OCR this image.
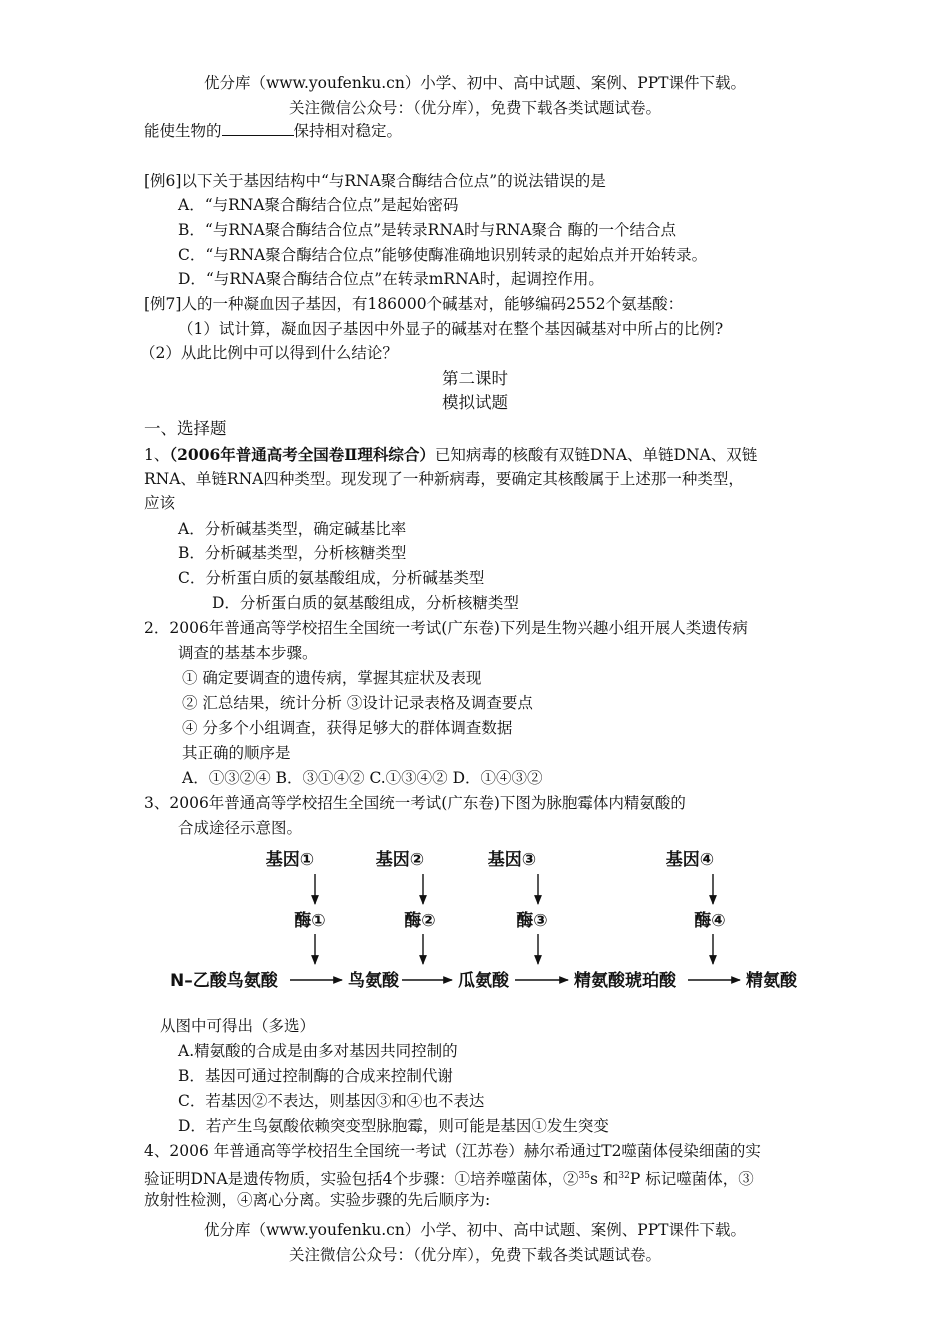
优分库（www.youfenku.cn）小学、初中、高中试题、案例、PPT课件下载。
关注微信公众号：（优分库），免费下载各类试题试卷。
能使生物的	保持相对稳定。
[例6]以下关于基因结构中“与RNA聚合酶结合位点”的说法错误的是
A．“与RNA聚合酶结合位点”是起始密码
B．“与RNA聚合酶结合位点”是转录RNA时与RNA聚合 酶的一个结合点
C．“与RNA聚合酶结合位点”能够使酶准确地识别转录的起始点并开始转录。
D．“与RNA聚合酶结合位点”在转录mRNA时，起调控作用。
[例7]人的一种凝血因子基因，有186000个碱基对，能够编码2552个氨基酸：
（1）试计算，凝血因子基因中外显子的碱基对在整个基因碱基对中所占的比例?
（2）从此比例中可以得到什么结论？
第二课时
模拟试题
一、选择题
1、（2006年普通高考全国卷Ⅱ理科综合）已知病毒的核酸有双链DNA、单链DNA、双链
RNA、单链RNA四种类型。现发现了一种新病毒，要确定其核酸属于上述那一种类型，
应该
A．分析碱基类型，确定碱基比率
B．分析碱基类型，分析核糖类型
C．分析蛋白质的氨基酸组成，分析碱基类型
D．分析蛋白质的氨基酸组成，分析核糖类型
2．2006年普通高等学校招生全国统一考试(广东卷)下列是生物兴趣小组开展人类遗传病
调查的基基本步骤。
① 确定要调查的遗传病，掌握其症状及表现
② 汇总结果，统计分析 ③设计记录表格及调查要点
④ 分多个小组调查，获得足够大的群体调查数据
其正确的顺序是
A．①③②④ B．③①④② C.①③④② D．①④③②
3、2006年普通高等学校招生全国统一考试(广东卷)下图为脉胞霉体内精氨酸的
合成途径示意图。
基因①	基因②	基因③	基因④
酶①	酶②	酶③	酶④
N–乙酸鸟氨酸	鸟氨酸	瓜氨酸	精氨酸琥珀酸	精氨酸
从图中可得出（多选）
A.精氨酸的合成是由多对基因共同控制的
B．基因可通过控制酶的合成来控制代谢
C．若基因②不表达，则基因③和④也不表达
D．若产生鸟氨酸依赖突变型脉胞霉，则可能是基因①发生突变
4、2006 年普通高等学校招生全国统一考试（江苏卷）赫尔希通过T2噬菌体侵染细菌的实
验证明DNA是遗传物质，实验包括4个步骤：①培养噬菌体，②$^{35}$s 和$^{32}$P 标记噬菌体，③
放射性检测，④离心分离。实验步骤的先后顺序为:
优分库（www.youfenku.cn）小学、初中、高中试题、案例、PPT课件下载。
关注微信公众号：（优分库），免费下载各类试题试卷。
